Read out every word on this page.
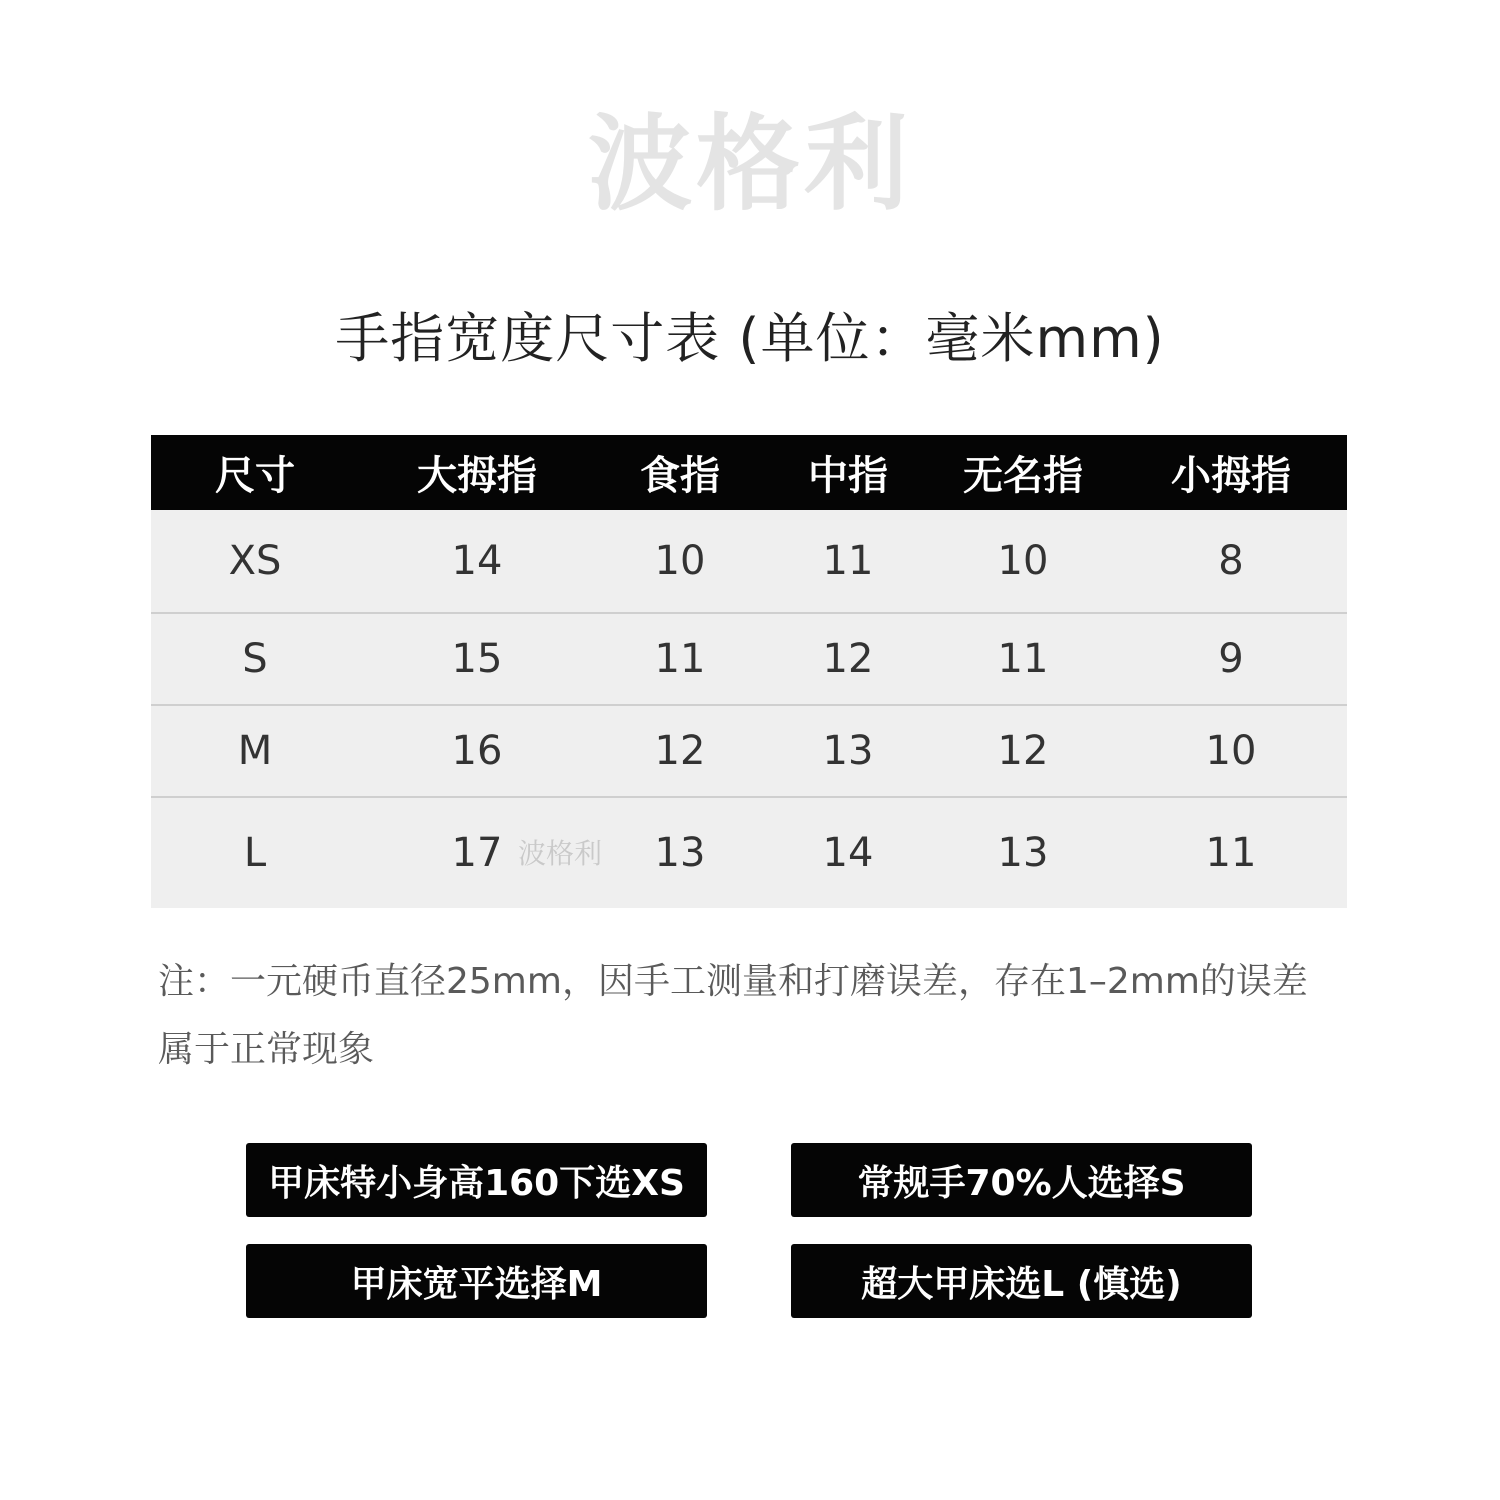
波格利
手指宽度尺寸表 (单位：毫米mm)
尺寸	大拇指	食指	中指	无名指	小拇指
XS	14	10	11	10	8
S	15	11	12	11	9
M	16	12	13	12	10
L	17	13	14	13	11
波格利
注：一元硬币直径25mm，因手工测量和打磨误差，存在1–2mm的误差
属于正常现象
甲床特小身高160下选XS	常规手70%人选择S
甲床宽平选择M	超大甲床选L (慎选)
